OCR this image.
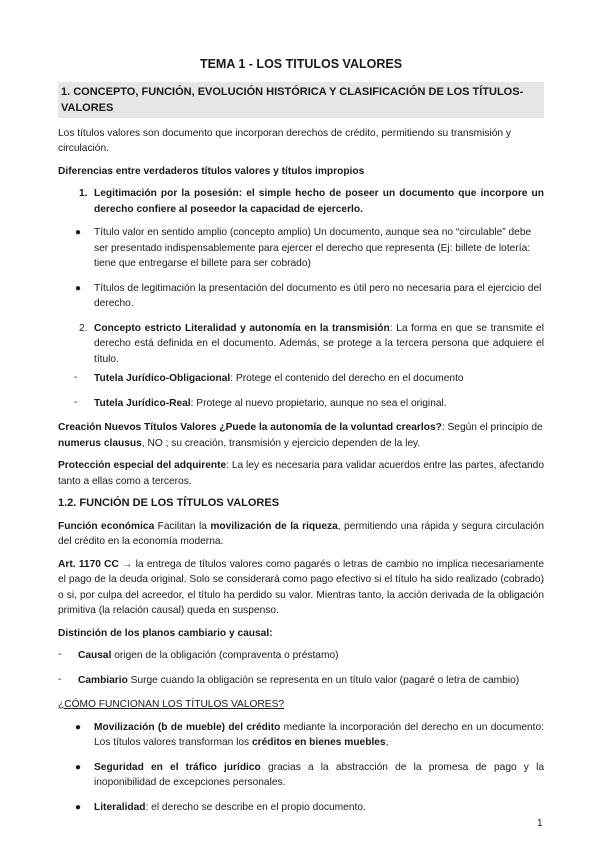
TEMA 1 - LOS TITULOS VALORES
1. CONCEPTO, FUNCIÓN, EVOLUCIÓN HISTÓRICA Y CLASIFICACIÓN DE LOS TÍTULOS-VALORES

Los títulos valores son documento que incorporan derechos de crédito, permitiendo su transmisión y circulación.

Diferencias entre verdaderos títulos valores y títulos impropios

1. Legitimación por la posesión: el simple hecho de poseer un documento que incorpore un derecho confiere al poseedor la capacidad de ejercerlo.
● Título valor en sentido amplio (concepto amplio) Un documento, aunque sea no “circulable” debe ser presentado indispensablemente para ejercer el derecho que representa (Ej: billete de lotería: tiene que entregarse el billete para ser cobrado)
● Títulos de legitimación la presentación del documento es útil pero no necesaria para el ejercicio del derecho.
2. Concepto estricto Literalidad y autonomía en la transmisión: La forma en que se transmite el derecho está definida en el documento. Además, se protege a la tercera persona que adquiere el título.
- Tutela Jurídico-Obligacional: Protege el contenido del derecho en el documento
- Tutela Jurídico-Real: Protege al nuevo propietario, aunque no sea el original.

Creación Nuevos Títulos Valores ¿Puede la autonomía de la voluntad crearlos?: Según el principio de numerus clausus, NO ; su creación, transmisión y ejercicio dependen de la ley.

Protección especial del adquirente: La ley es necesaria para validar acuerdos entre las partes, afectando tanto a ellas como a terceros.

1.2. FUNCIÓN DE LOS TÍTULOS VALORES

Función económica Facilitan la movilización de la riqueza, permitiendo una rápida y segura circulación del crédito en la economía moderna.

Art. 1170 CC → la entrega de títulos valores como pagarés o letras de cambio no implica necesariamente el pago de la deuda original. Solo se considerará como pago efectivo si el título ha sido realizado (cobrado) o si, por culpa del acreedor, el título ha perdido su valor. Mientras tanto, la acción derivada de la obligación primitiva (la relación causal) queda en suspenso.

Distinción de los planos cambiario y causal:

- Causal origen de la obligación (compraventa o préstamo)
- Cambiario Surge cuando la obligación se representa en un título valor (pagaré o letra de cambio)

¿CÓMO FUNCIONAN LOS TÍTULOS VALORES?

● Movilización (b de mueble) del crédito mediante la incorporación del derecho en un documento: Los títulos valores transforman los créditos en bienes muebles,
● Seguridad en el tráfico jurídico gracias a la abstracción de la promesa de pago y la inoponibilidad de excepciones personales.
● Literalidad: el derecho se describe en el propio documento.
1
